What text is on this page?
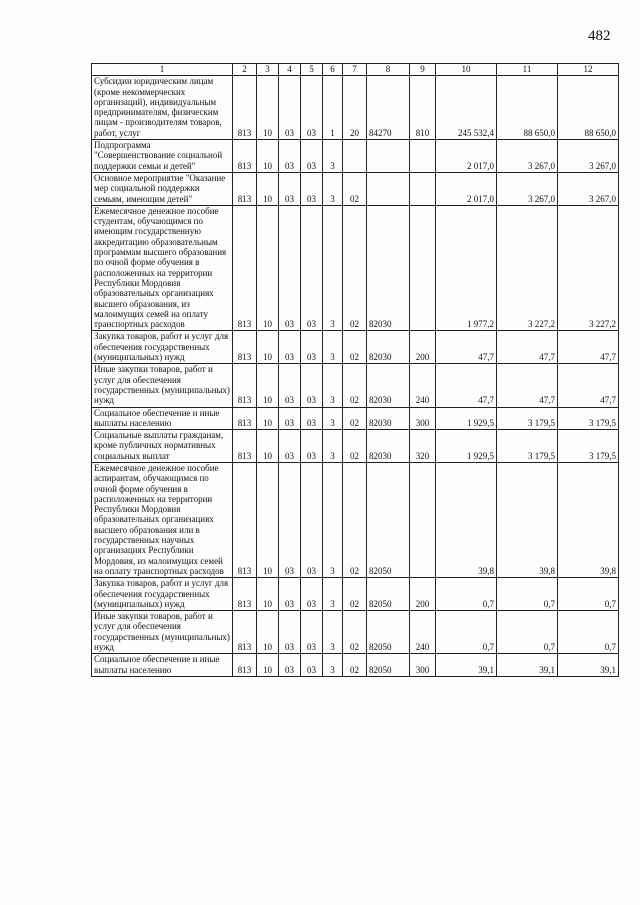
482
1	2	3	4	5	6	7	8	9	10	11	12
Субсидии юридическим лицам (кроме некоммерческих организаций), индивидуальным предпринимателям, физическим лицам - производителям товаров, работ, услуг	813	10	03	03	1	20	84270	810	245 532,4	88 650,0	88 650,0
Подпрограмма "Совершенствование социальной поддержки семьи и детей"	813	10	03	03	3				2 017,0	3 267,0	3 267,0
Основное мероприятие "Оказание мер социальной поддержки семьям, имеющим детей"	813	10	03	03	3	02			2 017,0	3 267,0	3 267,0
Ежемесячное денежное пособие студентам, обучающимся по имеющим государственную аккредитацию образовательным программам высшего образования по очной форме обучения в расположенных на территории Республики Мордовия образовательных организациях высшего образования, из малоимущих семей на оплату транспортных расходов	813	10	03	03	3	02	82030		1 977,2	3 227,2	3 227,2
Закупка товаров, работ и услуг для обеспечения государственных (муниципальных) нужд	813	10	03	03	3	02	82030	200	47,7	47,7	47,7
Иные закупки товаров, работ и услуг для обеспечения государственных (муниципальных) нужд	813	10	03	03	3	02	82030	240	47,7	47,7	47,7
Социальное обеспечение и иные выплаты населению	813	10	03	03	3	02	82030	300	1 929,5	3 179,5	3 179,5
Социальные выплаты гражданам, кроме публичных нормативных социальных выплат	813	10	03	03	3	02	82030	320	1 929,5	3 179,5	3 179,5
Ежемесячное денежное пособие аспирантам, обучающимся по очной форме обучения в расположенных на территории Республики Мордовия образовательных организациях высшего образования или в государственных научных организациях Республики Мордовия, из малоимущих семей на оплату транспортных расходов	813	10	03	03	3	02	82050		39,8	39,8	39,8
Закупка товаров, работ и услуг для обеспечения государственных (муниципальных) нужд	813	10	03	03	3	02	82050	200	0,7	0,7	0,7
Иные закупки товаров, работ и услуг для обеспечения государственных (муниципальных) нужд	813	10	03	03	3	02	82050	240	0,7	0,7	0,7
Социальное обеспечение и иные выплаты населению	813	10	03	03	3	02	82050	300	39,1	39,1	39,1
